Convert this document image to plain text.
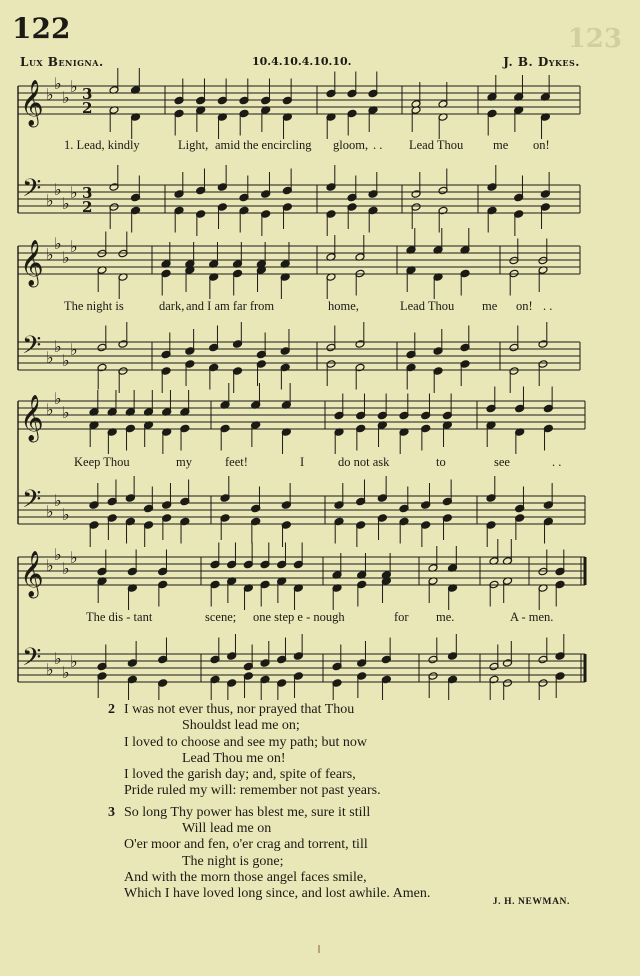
123
122
Lux Benigna.	10.4.10.4.10.10.	J. B. Dykes.
𝄞
𝄢
♭
♭
♭
♭
♭
♭
♭
♭
3
2
3
2
𝄞
𝄢
♭
♭
♭
♭
♭
♭
♭
♭
𝄞
𝄢
♭
♭
♭
♭
♭
♭
𝄞
𝄢
♭
♭
♭
♭
♭
♭
♭
♭
1. Lead, kindly	Light, amid the encircling gloom, . . Lead Thou me on!
The night is	dark, and I am far from	home,	Lead Thou me on! . .
Keep Thou	my	feet!	I	do not ask	to	see	. .
The dis - tant	scene; one step e - nough	for me.	A - men.
2 I was not ever thus, nor prayed that Thou
Shouldst lead me on;
I loved to choose and see my path; but now
Lead Thou me on!
I loved the garish day; and, spite of fears,
Pride ruled my will: remember not past years.
3 So long Thy power has blest me, sure it still
Will lead me on
O'er moor and fen, o'er crag and torrent, till
The night is gone;
And with the morn those angel faces smile,
Which I have loved long since, and lost awhile. Amen.
J. H. NEWMAN.
